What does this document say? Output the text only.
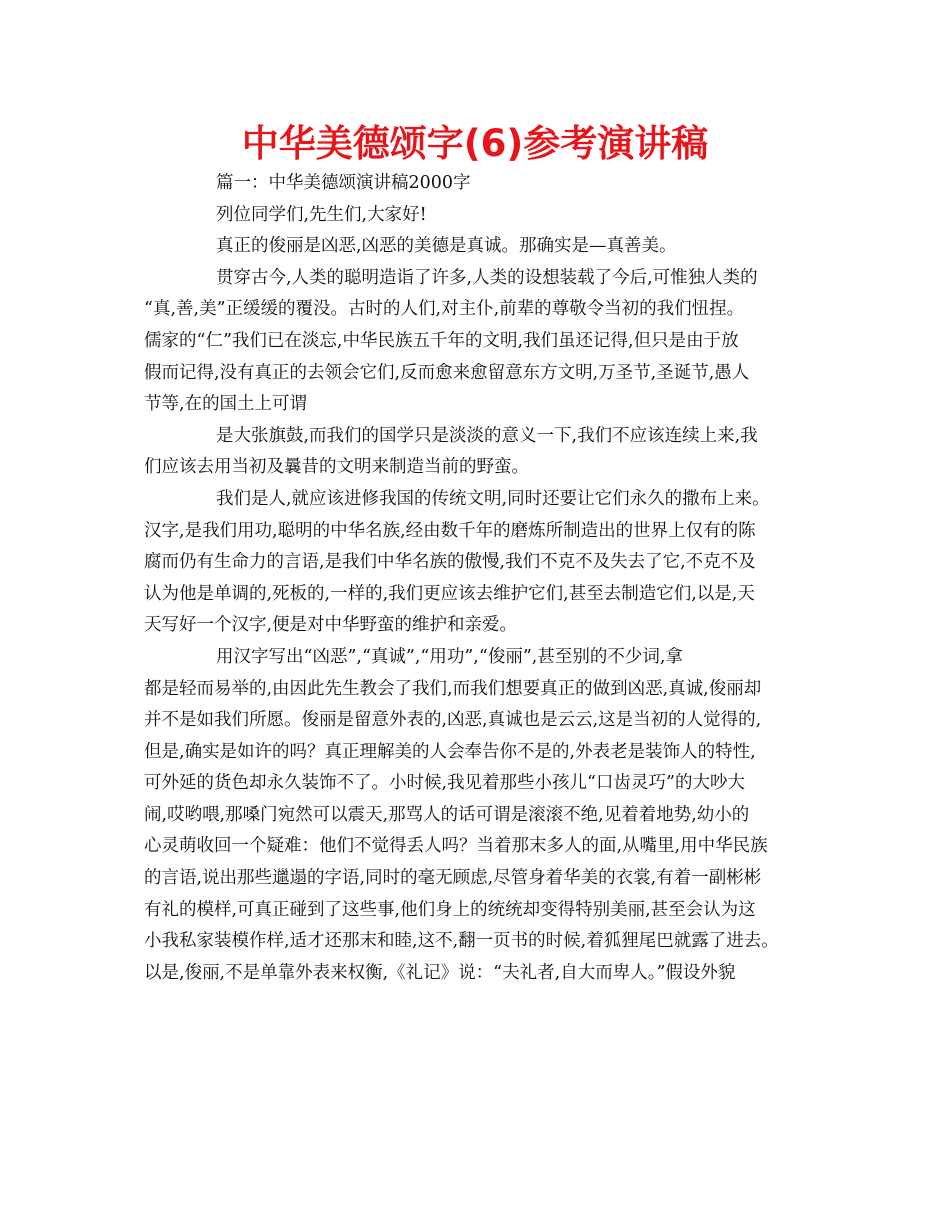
中华美德颂字(6)参考演讲稿
篇一：中华美德颂演讲稿2000字
列位同学们,先生们,大家好!
真正的俊丽是凶恶,凶恶的美德是真诚。那确实是—真善美。
贯穿古今,人类的聪明造诣了许多,人类的设想装载了今后,可惟独人类的
“真,善,美”正缓缓的覆没。古时的人们,对主仆,前辈的尊敬令当初的我们忸捏。
儒家的“仁”我们已在淡忘,中华民族五千年的文明,我们虽还记得,但只是由于放
假而记得,没有真正的去领会它们,反而愈来愈留意东方文明,万圣节,圣诞节,愚人
节等,在的国土上可谓
是大张旗鼓,而我们的国学只是淡淡的意义一下,我们不应该连续上来,我
们应该去用当初及曩昔的文明来制造当前的野蛮。
我们是人,就应该进修我国的传统文明,同时还要让它们永久的撒布上来。
汉字,是我们用功,聪明的中华名族,经由数千年的磨炼所制造出的世界上仅有的陈
腐而仍有生命力的言语,是我们中华名族的傲慢,我们不克不及失去了它,不克不及
认为他是单调的,死板的,一样的,我们更应该去维护它们,甚至去制造它们,以是,天
天写好一个汉字,便是对中华野蛮的维护和亲爱。
用汉字写出“凶恶”,“真诚”,“用功”,“俊丽”,甚至别的不少词,拿
都是轻而易举的,由因此先生教会了我们,而我们想要真正的做到凶恶,真诚,俊丽却
并不是如我们所愿。俊丽是留意外表的,凶恶,真诚也是云云,这是当初的人觉得的,
但是,确实是如许的吗？真正理解美的人会奉告你不是的,外表老是装饰人的特性,
可外延的货色却永久装饰不了。小时候,我见着那些小孩儿“口齿灵巧”的大吵大
闹,哎哟喂,那嗓门宛然可以震天,那骂人的话可谓是滚滚不绝,见着着地势,幼小的
心灵萌收回一个疑难：他们不觉得丢人吗？当着那末多人的面,从嘴里,用中华民族
的言语,说出那些邋遢的字语,同时的毫无顾虑,尽管身着华美的衣裳,有着一副彬彬
有礼的模样,可真正碰到了这些事,他们身上的统统却变得特别美丽,甚至会认为这
小我私家装模作样,适才还那末和睦,这不,翻一页书的时候,着狐狸尾巴就露了进去。
以是,俊丽,不是单靠外表来权衡,《礼记》说：“夫礼者,自大而卑人。”假设外貌
